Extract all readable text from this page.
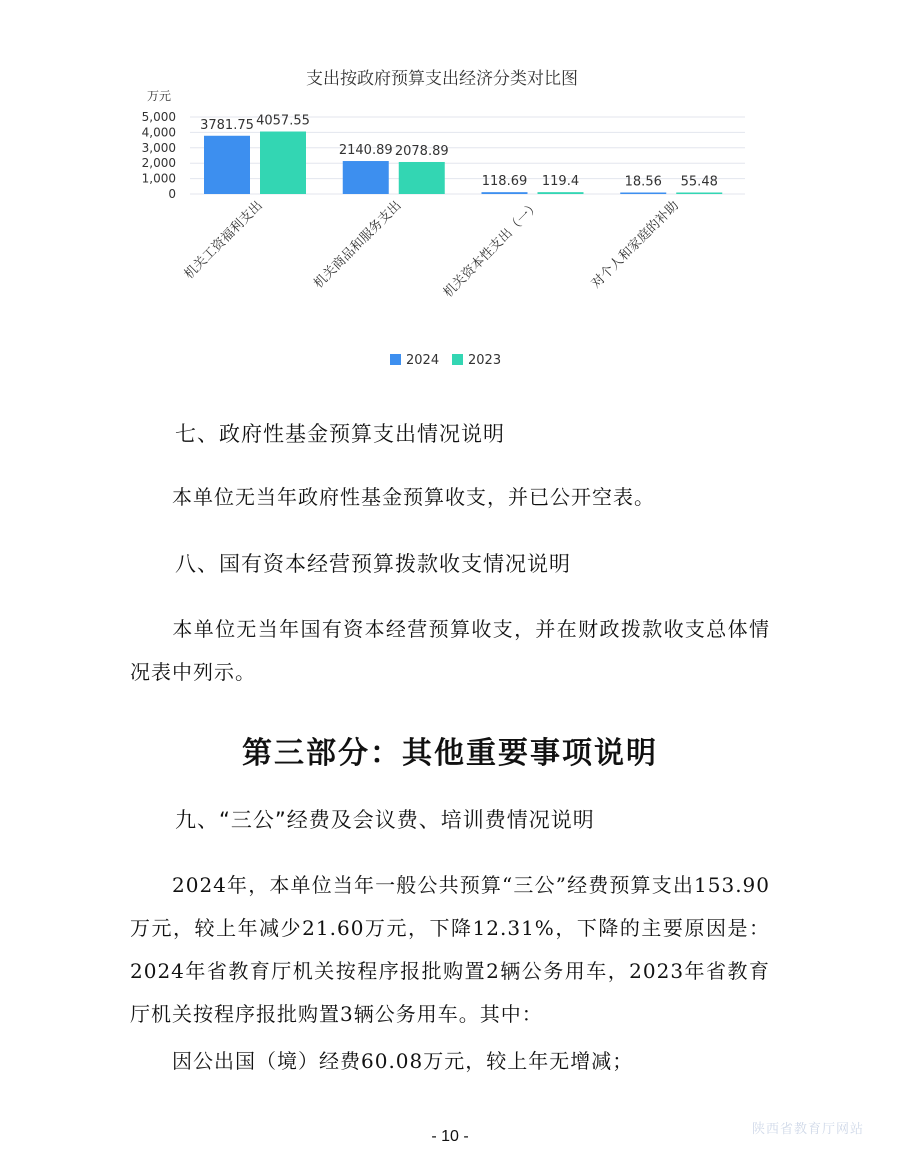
支出按政府预算支出经济分类对比图
万元
0
1,000
2,000
3,000
4,000
5,000
3781.75 4057.55
2140.89 2078.89
118.69 119.4	18.56 55.48
机关工资福利支出	机关商品和服务支出	机关资本性支出（一）	对个人和家庭的补助
2024 2023
七、政府性基金预算支出情况说明

本单位无当年政府性基金预算收支，并已公开空表。

八、国有资本经营预算拨款收支情况说明

本单位无当年国有资本经营预算收支，并在财政拨款收支总体情况表中列示。

第三部分：其他重要事项说明
九、“三公”经费及会议费、培训费情况说明

2024年，本单位当年一般公共预算“三公”经费预算支出153.90万元，较上年减少21.60万元，下降12.31%，下降的主要原因是：2024年省教育厅机关按程序报批购置2辆公务用车，2023年省教育厅机关按程序报批购置3辆公务用车。其中：

因公出国（境）经费60.08万元，较上年无增减；

- 10 -	陕西省教育厅网站
